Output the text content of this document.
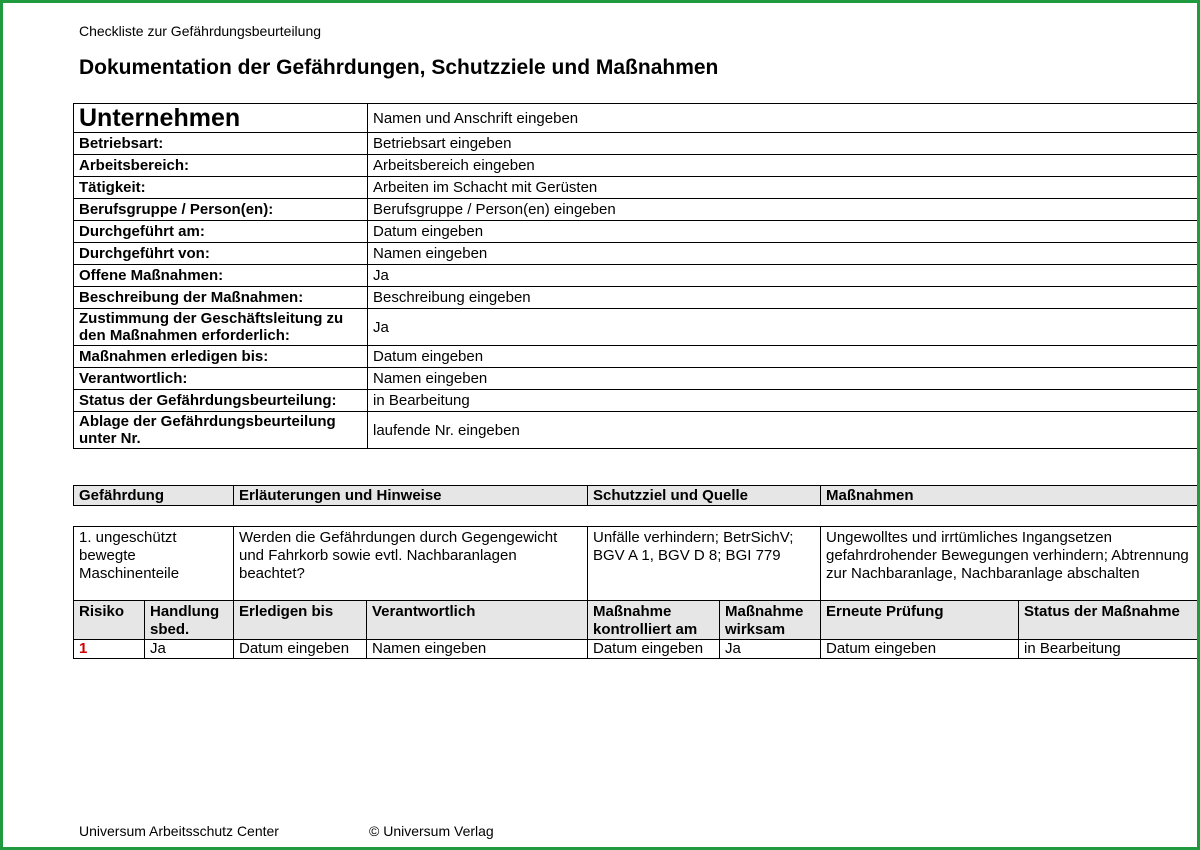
Checkliste zur Gefährdungsbeurteilung
Dokumentation der Gefährdungen, Schutzziele und Maßnahmen
Unternehmen	Namen und Anschrift eingeben
Betriebsart:	Betriebsart eingeben
Arbeitsbereich:	Arbeitsbereich eingeben
Tätigkeit:	Arbeiten im Schacht mit Gerüsten
Berufsgruppe / Person(en):	Berufsgruppe / Person(en) eingeben
Durchgeführt am:	Datum eingeben
Durchgeführt von:	Namen eingeben
Offene Maßnahmen:	Ja
Beschreibung der Maßnahmen:	Beschreibung eingeben
Zustimmung der Geschäftsleitung zu den Maßnahmen erforderlich:	Ja
Maßnahmen erledigen bis:	Datum eingeben
Verantwortlich:	Namen eingeben
Status der Gefährdungsbeurteilung:	in Bearbeitung
Ablage der Gefährdungsbeurteilung unter Nr.	laufende Nr. eingeben
Gefährdung		Erläuterungen und Hinweise		Schutzziel und Quelle		Maßnahmen	

1. ungeschützt bewegte Maschinenteile		Werden die Gefährdungen durch Gegengewicht und Fahrkorb sowie evtl. Nachbaranlagen beachtet?		Unfälle verhindern; BetrSichV; BGV A 1, BGV D 8; BGI 779		Ungewolltes und irrtümliches Ingangsetzen gefahrdrohender Bewegungen verhindern; Abtrennung zur Nachbaranlage, Nachbaranlage abschalten	
Risiko	Handlung sbed.	Erledigen bis	Verantwortlich	Maßnahme kontrolliert am	Maßnahme wirksam	Erneute Prüfung	Status der Maßnahme
1	Ja	Datum eingeben	Namen eingeben	Datum eingeben	Ja	Datum eingeben	in Bearbeitung
Universum Arbeitsschutz Center	© Universum Verlag
